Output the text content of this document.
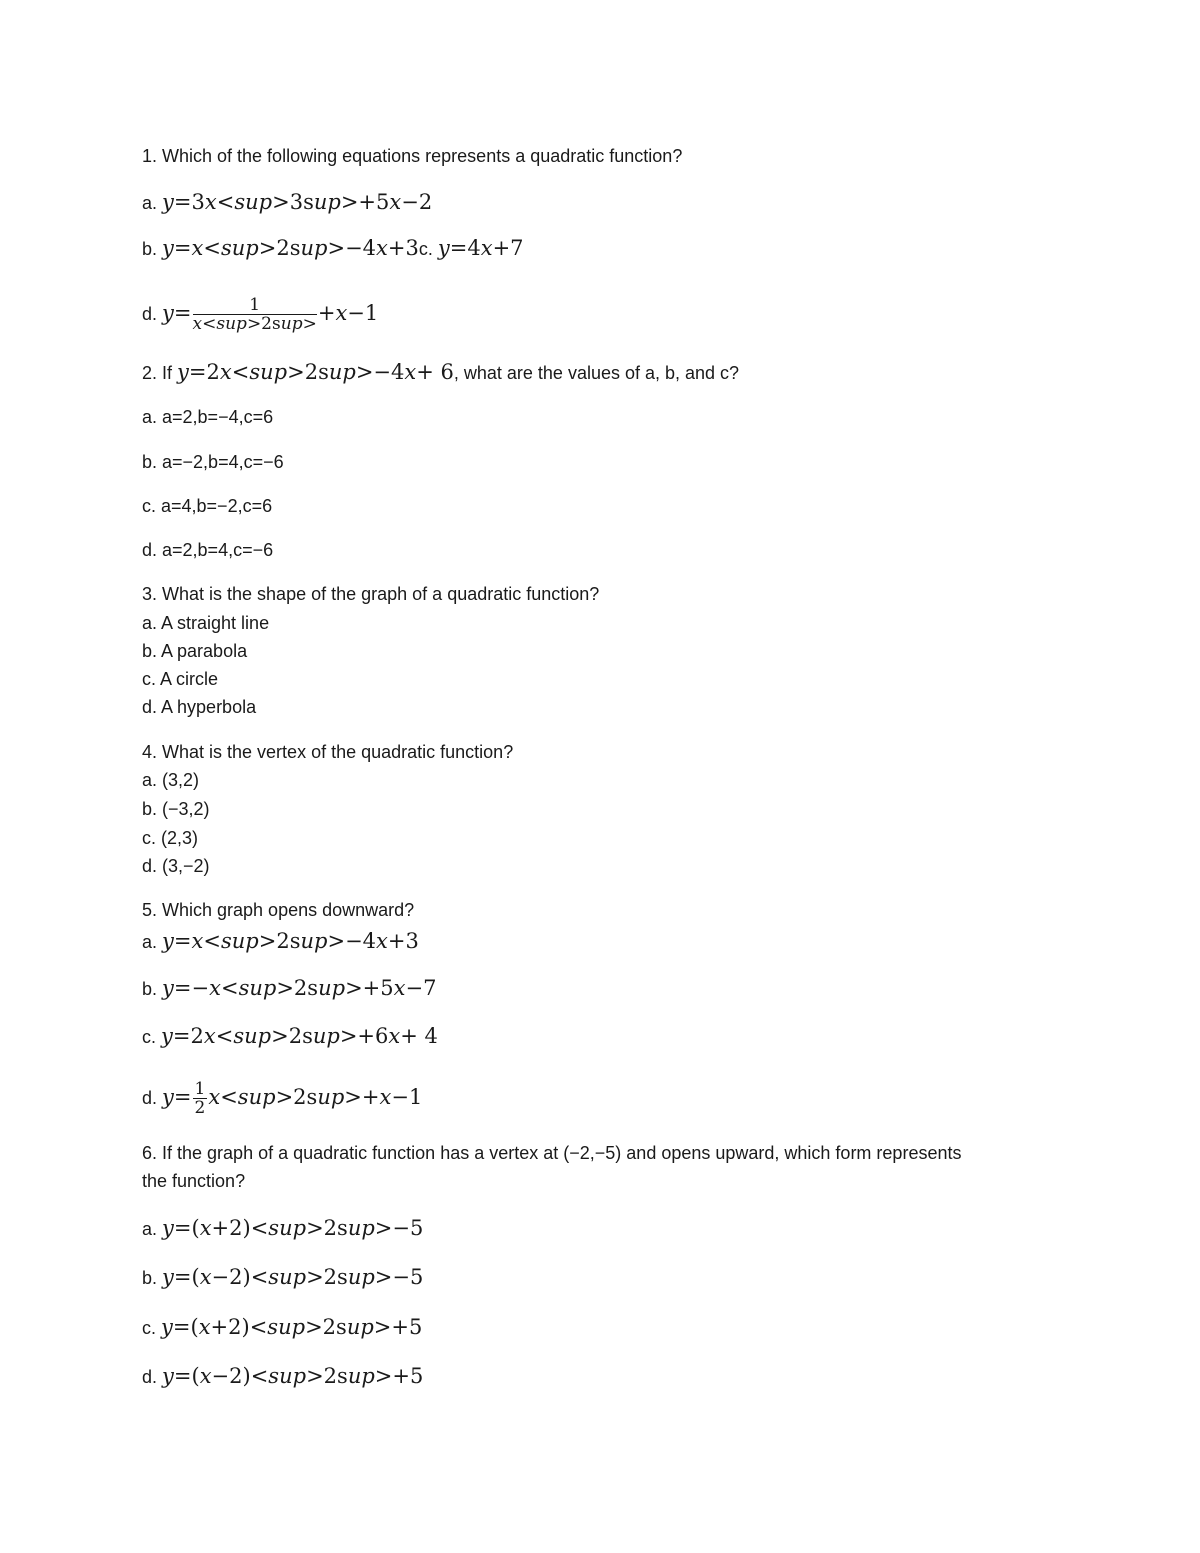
1. Which of the following equations represents a quadratic function?
a. y=3x<sup>3sup>+5x−2
b. y=x<sup>2sup>−4x+3c. y=4x+7
d. $y= \frac{1}{\text{x<sup>2sup>}} +x-1$
2. If y=2x<sup>2sup>−4x+ 6, what are the values of a, b, and c?
a. a=2,b=−4,c=6
b. a=−2,b=4,c=−6
c. a=4,b=−2,c=6
d. a=2,b=4,c=−6
3. What is the shape of the graph of a quadratic function?
a. A straight line
b. A parabola
c. A circle
d. A hyperbola
4. What is the vertex of the quadratic function?
a. (3,2)
b. (−3,2)
c. (2,3)
d. (3,−2)
5. Which graph opens downward?
a. y=x<sup>2sup>−4x+3
b. y=−x<sup>2sup>+5x−7
c. y=2x<sup>2sup>+6x+ 4
d. $y= \frac{1}{2} x<sup>2sup>+x-1$
6. If the graph of a quadratic function has a vertex at (−2,−5) and opens upward, which form represents
the function?
a. y=(x+2)<sup>2sup>−5
b. y=(x−2)<sup>2sup>−5
c. y=(x+2)<sup>2sup>+5
d. y=(x−2)<sup>2sup>+5
